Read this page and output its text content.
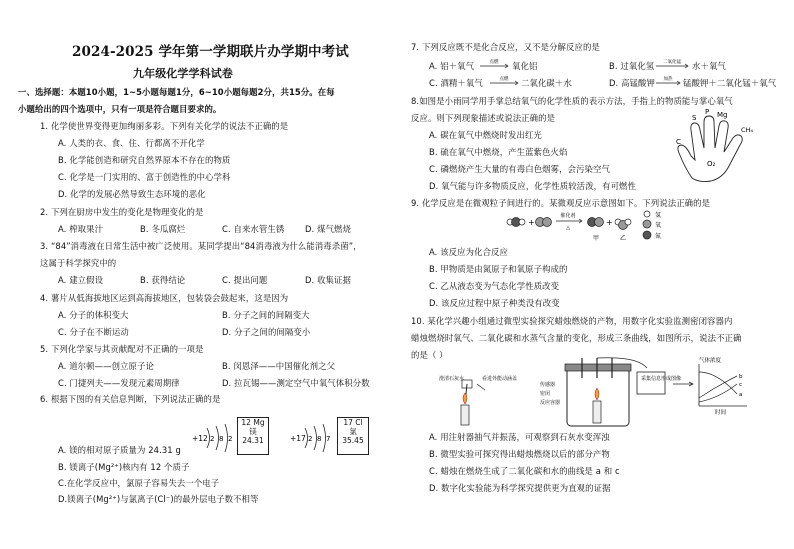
2024-2025 学年第一学期联片办学期中考试
九年级化学学科试卷
一、选择题：本题10小题，1~5小题每题1分，6~10小题每题2分，共15分。在每
小题给出的四个选项中，只有一项是符合题目要求的。
1. 化学使世界变得更加绚丽多彩。下列有关化学的说法不正确的是
A. 人类的衣、食、住、行都离不开化学
B. 化学能创造和研究自然界原本不存在的物质
C. 化学是一门实用的、富于创造性的中心学科
D. 化学的发展必然导致生态环境的恶化
2. 下列在厨房中发生的变化是物理变化的是
A. 榨取果汁	B. 冬瓜腐烂	C. 自来水管生锈 D. 煤气燃烧
3. “84”消毒液在日常生活中被广泛使用。某同学提出“84消毒液为什么能消毒杀菌”，
这属于科学探究中的
A. 建立假设	B. 获得结论	C. 提出问题	D. 收集证据
4. 薯片从低海拔地区运到高海拔地区，包装袋会鼓起来，这是因为
A. 分子的体积变大	B. 分子之间的间隔变大
C. 分子在不断运动	D. 分子之间的间隔变小
5. 下列化学家与其贡献配对不正确的一项是
A. 道尔顿——创立原子论	B. 闵恩泽——中国催化剂之父
C. 门捷列夫——发现元素周期律	D. 拉瓦锡——测定空气中氧气体积分数
6. 根据下图的有关信息判断，下列说法正确的是
+12 2 8 2
12 Mg
镁
24.31	+17 2 8 7
17 Cl
氯
35.45
A. 镁的相对原子质量为 24.31 g
B. 镁离子(Mg²⁺)核内有 12 个质子
C.在化学反应中，氯原子容易失去一个电子
D.镁离子(Mg²⁺)与氯离子(Cl⁻)的最外层电子数不相等
7. 下列反应既不是化合反应，又不是分解反应的是
A. 铝＋氧气	点燃 氧化铝	B. 过氧化氢 二氧化锰 水＋氧气
C. 酒精＋氧气	点燃 二氧化碳＋水	D. 高锰酸钾 加热 锰酸钾＋二氧化锰＋氧气
8.如图是小雨同学用手掌总结氧气的化学性质的表示方法，手指上的物质能与掌心氧气
反应。则下列现象描述或说法正确的是
A. 碳在氧气中燃烧时发出红光
B. 硫在氧气中燃烧，产生蓝紫色火焰
C. 磷燃烧产生大量的有毒白色烟雾，会污染空气
D. 氧气能与许多物质反应，化学性质较活泼，有可燃性
C
S
P Mg
CH₄
O₂
9. 化学反应是在微观粒子间进行的。某微观反应示意图如下。下列说法正确的是
+
催化剂
△
+
甲	乙
氢
氧
氮
A. 该反应为化合反应
B. 甲物质是由氮原子和氧原子构成的
C. 乙从液态变为气态化学性质改变
D. 该反应过程中原子种类没有改变
10. 某化学兴趣小组通过微型实验探究蜡烛燃烧的产物，用数字化实验监测密闭容器内
蜡烛燃烧时氧气、二氧化碳和水蒸气含量的变化，形成三条曲线，如图所示，说法不正确
的是（ ）
澄清石灰水	看进外能动涵盖
传感器
密闭
反应容器
采集信息形成图像
气体浓度
a
b
c
时间
A. 用注射器抽气并振荡，可观察到石灰水变浑浊
B. 微型实验可探究得出蜡烛燃烧以后的部分产物
C. 蜡烛在燃烧生成了二氧化碳和水的曲线是 a 和 c
D. 数字化实验能为科学探究提供更为直观的证据
